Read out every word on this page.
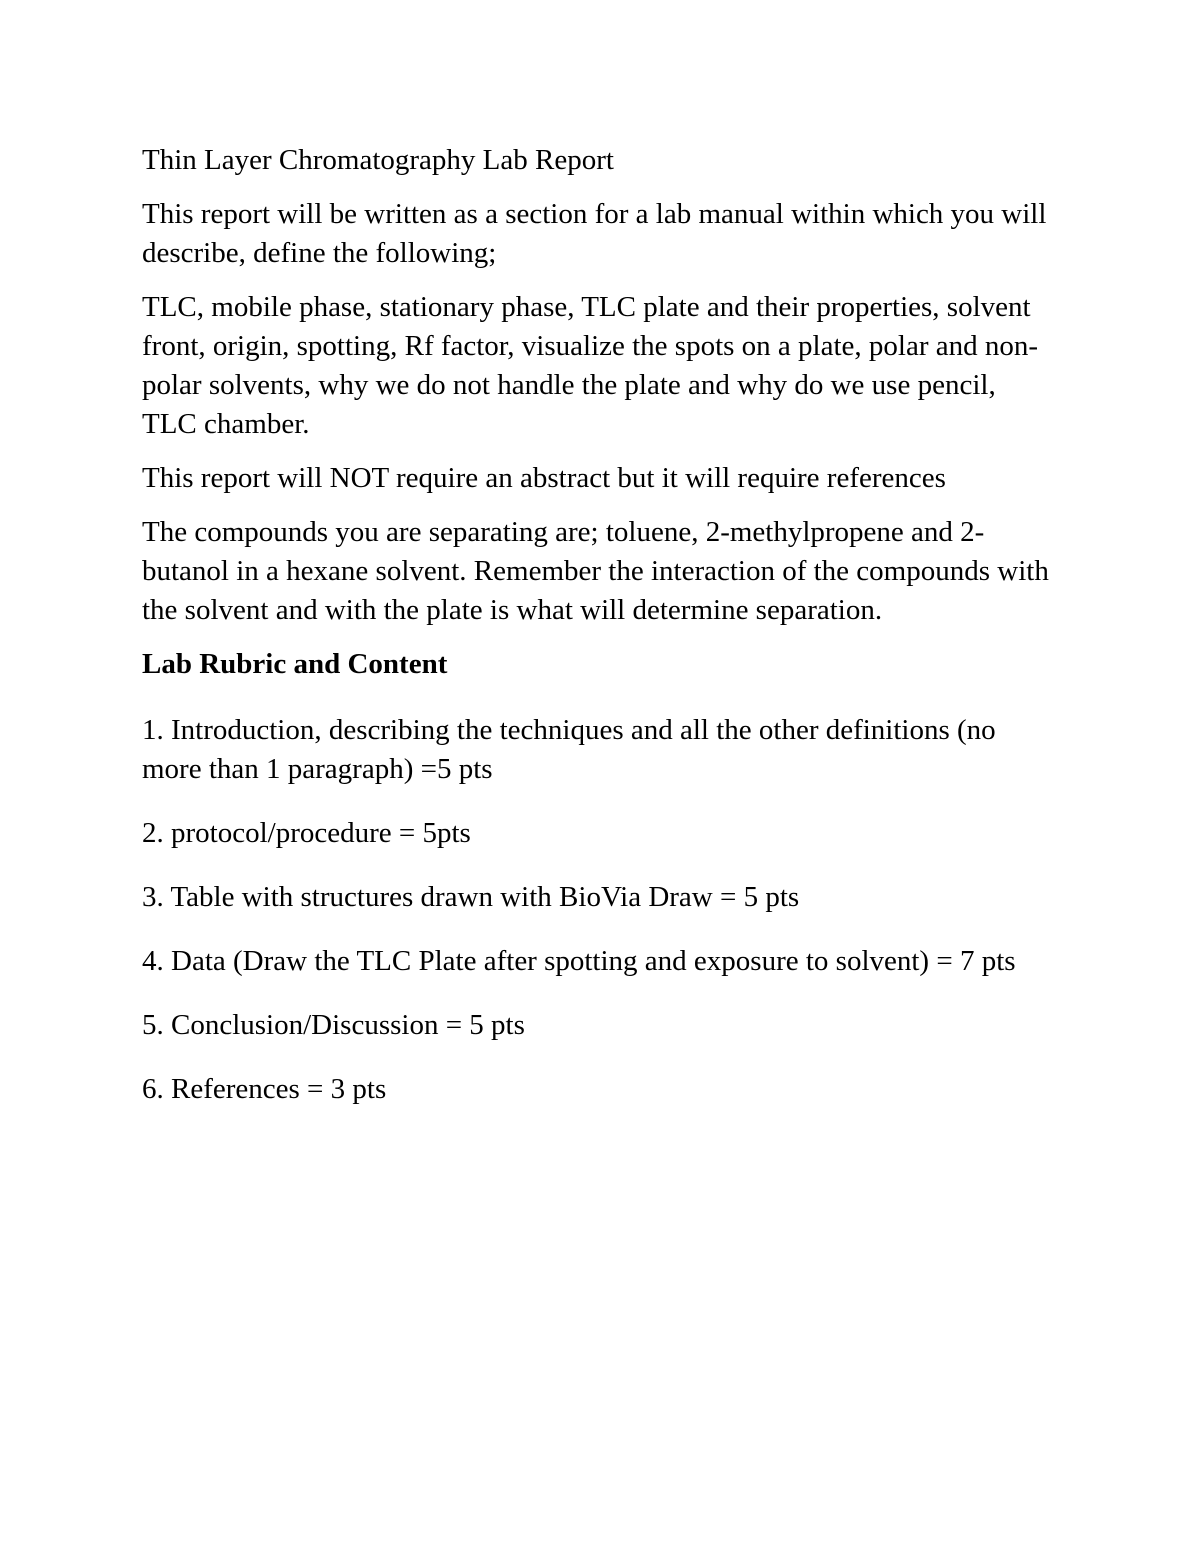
Thin Layer Chromatography Lab Report

This report will be written as a section for a lab manual within which you will describe, define the following;

TLC, mobile phase, stationary phase, TLC plate and their properties, solvent front, origin, spotting, Rf factor, visualize the spots on a plate, polar and non-polar solvents, why we do not handle the plate and why do we use pencil, TLC chamber.

This report will NOT require an abstract but it will require references

The compounds you are separating are; toluene, 2-methylpropene and 2-butanol in a hexane solvent. Remember the interaction of the compounds with the solvent and with the plate is what will determine separation.

Lab Rubric and Content

1. Introduction, describing the techniques and all the other definitions (no more than 1 paragraph) =5 pts

2. protocol/procedure = 5pts

3. Table with structures drawn with BioVia Draw = 5 pts

4. Data (Draw the TLC Plate after spotting and exposure to solvent) = 7 pts

5. Conclusion/Discussion = 5 pts

6. References = 3 pts
